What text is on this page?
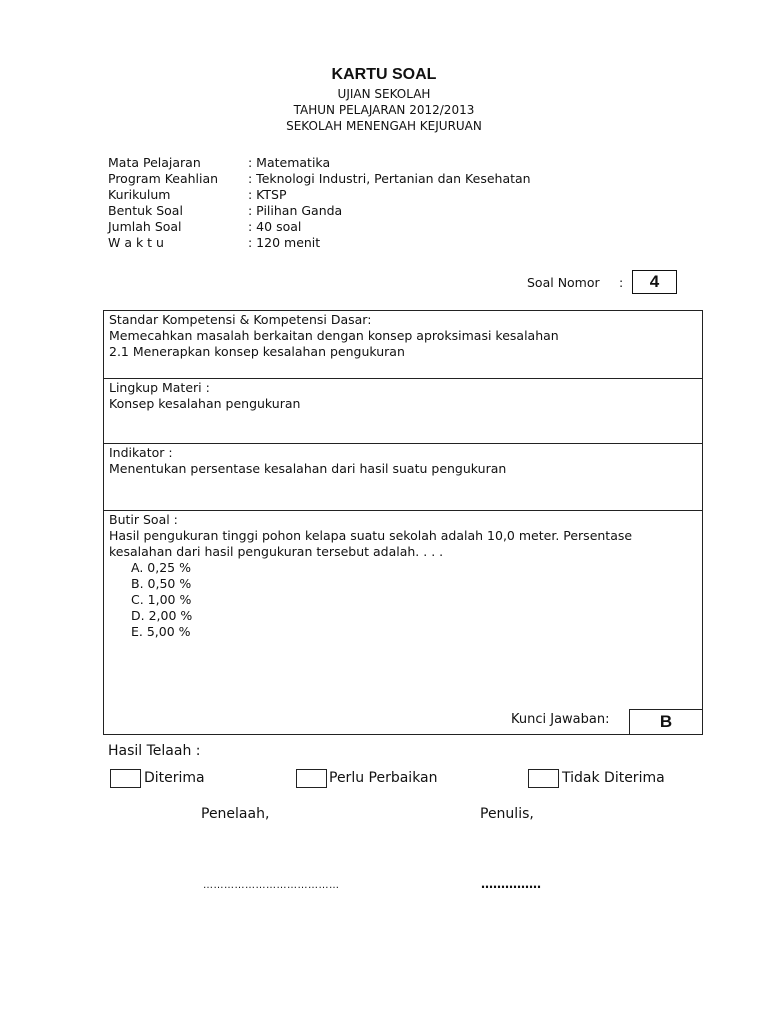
KARTU SOAL
UJIAN SEKOLAH
TAHUN PELAJARAN 2012/2013
SEKOLAH MENENGAH KEJURUAN
Mata Pelajaran	: Matematika
Program Keahlian	: Teknologi Industri, Pertanian dan Kesehatan
Kurikulum	: KTSP
Bentuk Soal	: Pilihan Ganda
Jumlah Soal	: 40 soal
W a k t u	: 120 menit
Soal Nomor :	4
Standar Kompetensi & Kompetensi Dasar:
Memecahkan masalah berkaitan dengan konsep aproksimasi kesalahan
2.1 Menerapkan konsep kesalahan pengukuran
Lingkup Materi :
Konsep kesalahan pengukuran
Indikator :
Menentukan persentase kesalahan dari hasil suatu pengukuran
Butir Soal :
Hasil pengukuran tinggi pohon kelapa suatu sekolah adalah 10,0 meter. Persentase
kesalahan dari hasil pengukuran tersebut adalah. . . .
A. 0,25 %
B. 0,50 %
C. 1,00 %
D. 2,00 %
E. 5,00 %
Kunci Jawaban:	B
Hasil Telaah :
Diterima	Perlu Perbaikan	Tidak Diterima
Penelaah,	Penulis,
…………………………………	……………
